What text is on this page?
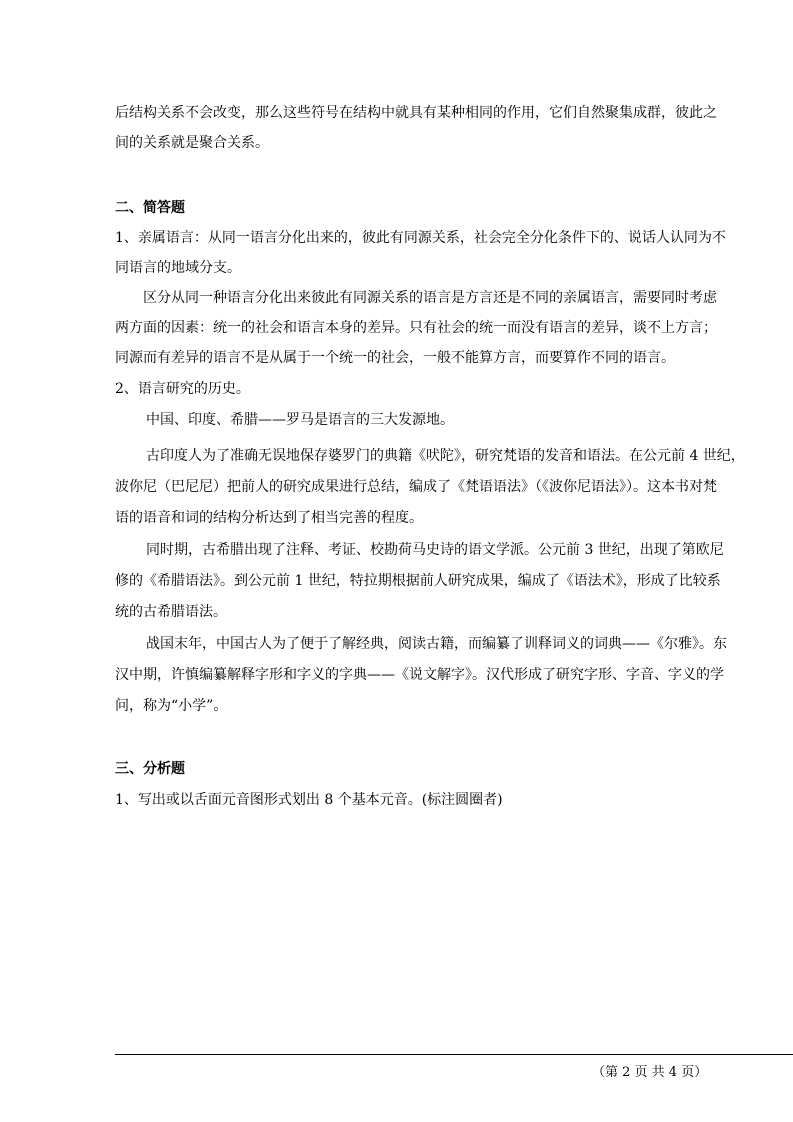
后结构关系不会改变，那么这些符号在结构中就具有某种相同的作用，它们自然聚集成群，彼此之
间的关系就是聚合关系。
二、简答题
1、亲属语言：从同一语言分化出来的，彼此有同源关系，社会完全分化条件下的、说话人认同为不
同语言的地域分支。
区分从同一种语言分化出来彼此有同源关系的语言是方言还是不同的亲属语言，需要同时考虑
两方面的因素：统一的社会和语言本身的差异。只有社会的统一而没有语言的差异，谈不上方言；
同源而有差异的语言不是从属于一个统一的社会，一般不能算方言，而要算作不同的语言。
2、语言研究的历史。
中国、印度、希腊——罗马是语言的三大发源地。
古印度人为了准确无误地保存婆罗门的典籍《吠陀》，研究梵语的发音和语法。在公元前 4 世纪，
波你尼（巴尼尼）把前人的研究成果进行总结，编成了《梵语语法》（《波你尼语法》）。这本书对梵
语的语音和词的结构分析达到了相当完善的程度。
同时期，古希腊出现了注释、考证、校勘荷马史诗的语文学派。公元前 3 世纪，出现了第欧尼
修的《希腊语法》。到公元前 1 世纪，特拉期根据前人研究成果，编成了《语法术》，形成了比较系
统的古希腊语法。
战国末年，中国古人为了便于了解经典，阅读古籍，而编纂了训释词义的词典——《尔雅》。东
汉中期，许慎编纂解释字形和字义的字典——《说文解字》。汉代形成了研究字形、字音、字义的学
问，称为“小学”。
三、分析题
1、写出或以舌面元音图形式划出 8 个基本元音。(标注圆圈者)
（第 2 页 共 4 页）
